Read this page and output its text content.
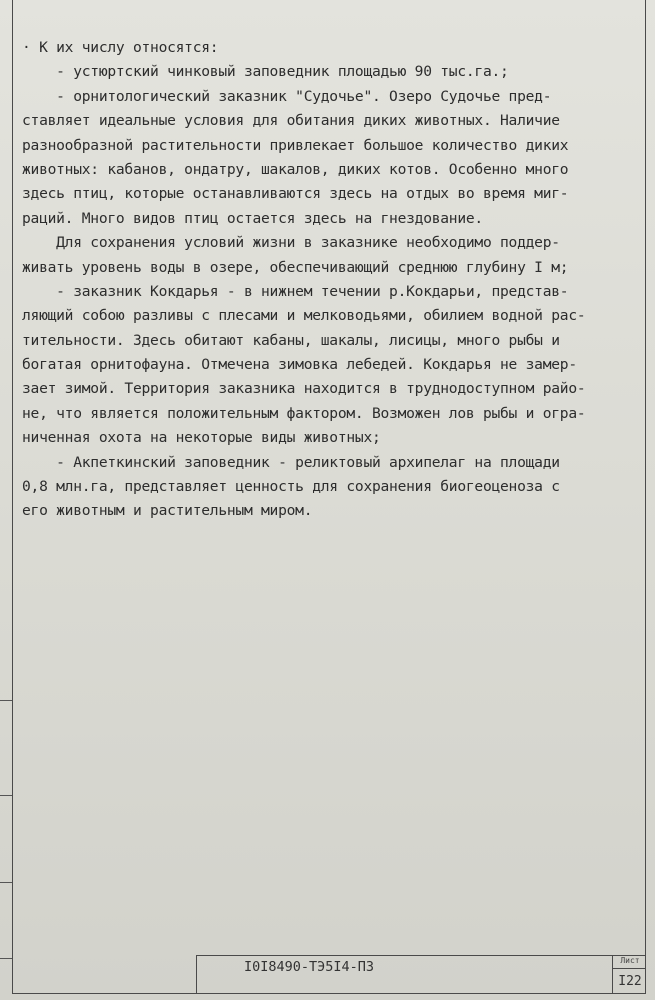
· К их числу относятся:
- устюртский чинковый заповедник площадью 90 тыс.га.;
- орнитологический заказник "Судочье". Озеро Судочье пред-
ставляет идеальные условия для обитания диких животных. Наличие
разнообразной растительности привлекает большое количество диких
животных: кабанов, ондатру, шакалов, диких котов. Особенно много
здесь птиц, которые останавливаются здесь на отдых во время миг-
раций. Много видов птиц остается здесь на гнездование.
Для сохранения условий жизни в заказнике необходимо поддер-
живать уровень воды в озере, обеспечивающий среднюю глубину I м;
- заказник Кокдарья - в нижнем течении р.Кокдарьи, представ-
ляющий собою разливы с плесами и мелководьями, обилием водной рас-
тительности. Здесь обитают кабаны, шакалы, лисицы, много рыбы и
богатая орнитофауна. Отмечена зимовка лебедей. Кокдарья не замер-
зает зимой. Территория заказника находится в труднодоступном райо-
не, что является положительным фактором. Возможен лов рыбы и огра-
ниченная охота на некоторые виды животных;
- Акпеткинский заповедник - реликтовый архипелаг на площади
0,8 млн.га, представляет ценность для сохранения биогеоценоза с
его животным и растительным миром.
I0I8490-ТЭ5I4-ПЗ	Лист
I22
